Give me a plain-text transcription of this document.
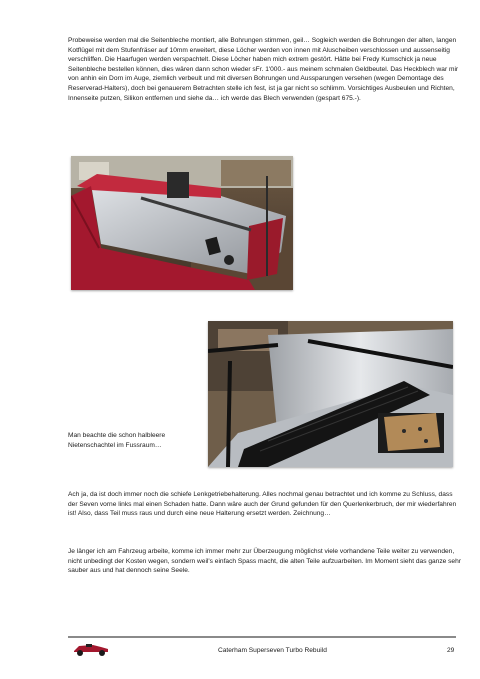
Probeweise werden mal die Seitenbleche montiert, alle Bohrungen stimmen, geil… Sogleich werden die Bohrungen der alten, langen Kotflügel mit dem Stufenfräser auf 10mm erweitert, diese Löcher werden von innen mit Aluscheiben verschlossen und aussenseitig verschliffen. Die Haarfugen werden verspachtelt. Diese Löcher haben mich extrem gestört. Hätte bei Fredy Kumschick ja neue Seitenbleche bestellen können, dies wären dann schon wieder sFr. 1'000.- aus meinem schmalen Geldbeutel. Das Heckblech war mir von anhin ein Dorn im Auge, ziemlich verbeult und mit diversen Bohrungen und Aussparungen versehen (wegen Demontage des Reserverad-Halters), doch bei genauerem Betrachten stelle ich fest, ist ja gar nicht so schlimm. Vorsichtiges Ausbeulen und Richten, Innenseite putzen, Silikon entfernen und siehe da… ich werde das Blech verwenden (gespart 675.-).

Man beachte die schon halbleere Nietenschachtel im Fussraum…

Ach ja, da ist doch immer noch die schiefe Lenkgetriebehalterung. Alles nochmal genau betrachtet und ich komme zu Schluss, dass der Seven vorne links mal einen Schaden hatte. Dann wäre auch der Grund gefunden für den Querlenkerbruch, der mir wiederfahren ist! Also, dass Teil muss raus und durch eine neue Halterung ersetzt werden. Zeichnung…

Je länger ich am Fahrzeug arbeite, komme ich immer mehr zur Überzeugung möglichst viele vorhandene Teile weiter zu verwenden, nicht unbedingt der Kosten wegen, sondern weil's einfach Spass macht, die alten Teile aufzuarbeiten. Im Moment sieht das ganze sehr sauber aus und hat dennoch seine Seele.

Caterham Superseven Turbo Rebuild	29
